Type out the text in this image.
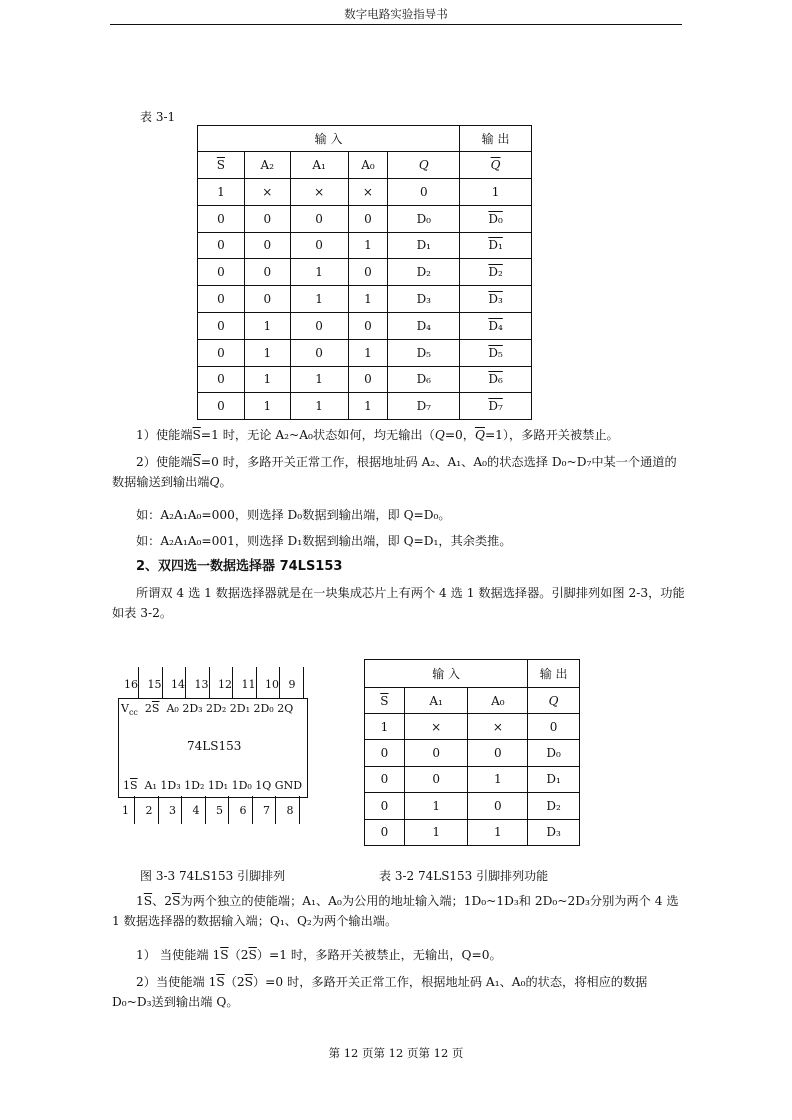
数字电路实验指导书
表 3-1
输 入					输 出
$\overline{S}$	A₂	A₁	A₀	Q	$\overline{Q}$
1	×	×	×	0	1
0	0	0	0	D₀	D₀
0	0	0	1	D₁	D₁
0	0	1	0	D₂	D₂
0	0	1	1	D₃	D₃
0	1	0	0	D₄	D₄
0	1	0	1	D₅	D₅
0	1	1	0	D₆	D₆
0	1	1	1	D₇	D₇
1）使能端$\overline{S}=1$ 时，无论 A₂~A₀状态如何，均无输出（Q=0，$\overline{Q}=1$），多路开关被禁止。
2）使能端$\overline{S}=0$ 时，多路开关正常工作，根据地址码 A₂、A₁、A₀的状态选择 D₀~D₇中某一个通道的数据输送到输出端Q。
如：A₂A₁A₀=000，则选择 D₀数据到输出端，即 Q=D₀。
如：A₂A₁A₀=001，则选择 D₁数据到输出端，即 Q=D₁，其余类推。
2、双四选一数据选择器 74LS153
所谓双 4 选 1 数据选择器就是在一块集成芯片上有两个 4 选 1 数据选择器。引脚排列如图 2-3，功能如表 3-2。
16 15 14 13 12 11 10 9
1 2 3 4 5 6 7 8
$V_{cc}$ $2\overline{S}$ A₀ 2D₃ 2D₂ 2D₁ 2D₀ 2Q
74LS153
$1\overline{S}$ A₁ 1D₃ 1D₂ 1D₁ 1D₀ 1Q GND
图 3-3 74LS153 引脚排列
输 入			输 出
$\overline{S}$	A₁	A₀	Q
1	×	×	0
0	0	0	D₀
0	0	1	D₁
0	1	0	D₂
0	1	1	D₃
表 3-2 74LS153 引脚排列功能
$1\overline{S}$、$2\overline{S}$为两个独立的使能端；A₁、A₀为公用的地址输入端；1D₀~1D₃和 2D₀~2D₃分别为两个 4 选 1 数据选择器的数据输入端；Q₁、Q₂为两个输出端。
1） 当使能端 $1\overline{S}(2\overline{S})=1$ 时，多路开关被禁止，无输出，Q=0。
2）当使能端 $1\overline{S}(2\overline{S})=0$ 时，多路开关正常工作，根据地址码 A₁、A₀的状态，将相应的数据 D₀~D₃送到输出端 Q。
第 12 页第 12 页第 12 页
